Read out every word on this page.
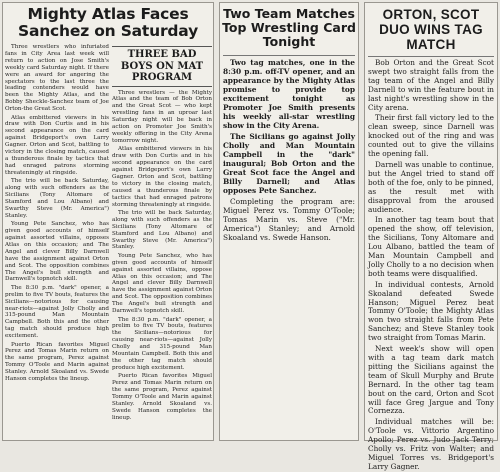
Mighty Atlas Faces Sanchez on Saturday

Three wrestlers who infuriated fans in City Area last week will return to action on Jose Smith's weekly card Saturday night. If there were an award for angering the spectators to the last three the leading contenders would have been the Mighty Atlas, and the Bobby Sheckle-Sanchez team of Joe Orton-the Great Scot.

Atlas embittered viewers in his draw with Don Curtis and in his second appearance on the card against Bridgeport's own Larry Gagner. Orton and Scot, battling to victory in the closing match, caused a thunderous finale by tactics that had enraged patrons storming threateningly at ringside.

The trio will be back Saturday, along with such offenders as the Sicilians (Tony Altomare of Stamford and Lou Albano) and Swarthy Steve (Mr. America") Stanley.

Young Pete Sanchez, who has given good accounts of himself against assorted villains, opposes Atlas on this occasion; and The Angel and clever Billy Darnwell have the assignment against Orton and Scot. The opposition combines The Angel's bull strength and Darnwell's topnotch skill.

The 8:30 p.m. "dark" opener, a prelim to five TV bouts, features the Sicilians—notorious for causing near-riots—against Jolly Cholly and 315-pound Man Mountain Campbell. Both this and the other tag match should produce high excitement.

Puerto Rican favorites Miguel Perez and Tomas Marin return on the same program, Perez against Tommy O'Toole and Marin against Stanley. Arnold Skoaland vs. Swede Hanson completes the lineup.

THREE BAD BOYS ON MAT PROGRAM

Three wrestlers — the Mighty Atlas and the team of Bob Orton and the Great Scot — who kept wrestling fans in an uproar last Saturday night will be back in action on Promoter Joe Smith's weekly offering in the City Arena tomorrow night.

Atlas embittered viewers in his draw with Don Curtis and in his second appearance on the card against Bridgeport's own Larry Gagner. Orton and Scot, battling to victory in the closing match, caused a thunderous finale by tactics that had enraged patrons storming threateningly at ringside.

The trio will be back Saturday, along with such offenders as the Sicilians (Tony Altomare of Stamford and Lou Albano) and Swarthy Steve (Mr. America") Stanley.

Young Pete Sanchez, who has given good accounts of himself against assorted villains, oppose Atlas on this occasion; and The Angel and clever Billy Darnwell have the assignment against Orton and Scot. The opposition combines The Angel's bull strength and Darnwell's topnotch skill.

The 8:30 p.m. "dark" opener, a prelim to five TV bouts, features the Sicilians—notorious for causing near-riots—against Jolly Cholly and 315-pound Man Mountain Campbell. Both this and the other tag match should produce high excitement.

Puerto Rican favorites Miguel Perez and Tomas Marin return on the same program, Perez against Tommy O'Toole and Marin against Stanley. Arnold Skoaland vs. Swede Hanson completes the lineup.

Two Team Matches Top Wrestling Card Tonight

Two tag matches, one in the 8:30 p.m. off-TV opener, and an appearance by the Mighty Atlas promise to provide top excitement tonight as Promoter Joe Smith presents his weekly all-star wrestling show in the City Arena.

The Sicilians go against Jolly Cholly and Man Mountain Campbell in the "dark" inaugural; Bob Orton and the Great Scot face the Angel and Billy Darnell; and Atlas opposes Pete Sanchez.

Completing the program are: Miguel Perez vs. Tommy O'Toole; Tomas Marin vs. Steve ("Mr. America") Stanley; and Arnold Skoaland vs. Swede Hanson.

ORTON, SCOT DUO WINS TAG MATCH

Bob Orton and the Great Scot swept two straight falls from the tag team of the Angel and Billy Darnell to win the feature bout in last night's wrestling show in the City arena.

Their first fall victory led to the clean sweep, since Darnell was knocked out of the ring and was counted out to give the villains the opening fall.

Darnell was unable to continue, but the Angel tried to stand off both of the foe, only to be pinned, as the result met with disapproval from the aroused audience.

In another tag team bout that opened the show, off television, the Sicilians, Tony Altomare and Lou Albano, battled the team of Man Mountain Campbell and Jolly Cholly to a no decision when both teams were disqualified.

In individual contests, Arnold Skoaland defeated Swede Hanson; Miguel Perez beat Tommy O'Toole; the Mighty Atlas won two straight falls from Pete Sanchez; and Steve Stanley took two straight from Tomas Marin.

Next week's show will open with a tag team dark match pitting the Sicilians against the team of Skull Murphy and Brute Bernard. In the other tag team bout on the card, Orton and Scot will face Greg Jargue and Tony Cornezza.

Individual matches will be: O'Toole vs. Vittorio Argentino Apollo; Perez vs. Judo Jack Terry; Cholly vs. Fritz von Walter; and Miguel Torres vs. Bridgeport's Larry Gagner.
